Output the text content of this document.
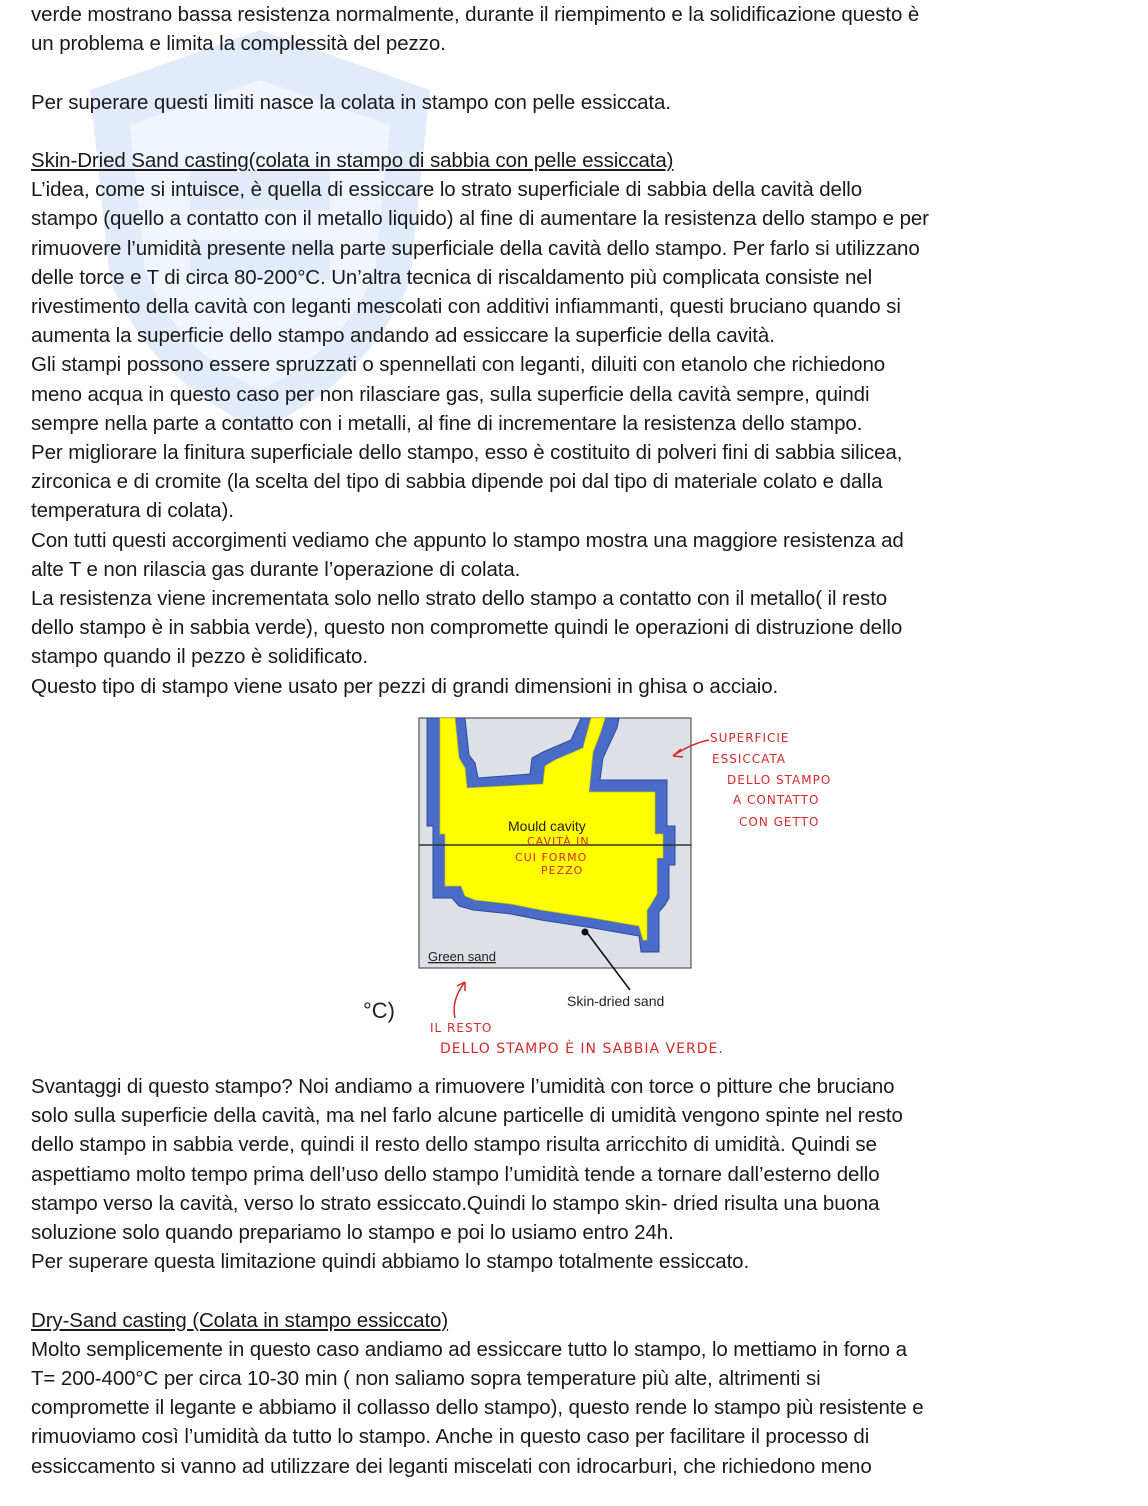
verde mostrano bassa resistenza normalmente, durante il riempimento e la solidificazione questo è

un problema e limita la complessità del pezzo.

Per superare questi limiti nasce la colata in stampo con pelle essiccata.

Skin-Dried Sand casting(colata in stampo di sabbia con pelle essiccata)

L’idea, come si intuisce, è quella di essiccare lo strato superficiale di sabbia della cavità dello

stampo (quello a contatto con il metallo liquido) al fine di aumentare la resistenza dello stampo e per

rimuovere l’umidità presente nella parte superficiale della cavità dello stampo. Per farlo si utilizzano

delle torce e T di circa 80-200°C. Un’altra tecnica di riscaldamento più complicata consiste nel

rivestimento della cavità con leganti mescolati con additivi infiammanti, questi bruciano quando si

aumenta la superficie dello stampo andando ad essiccare la superficie della cavità.

Gli stampi possono essere spruzzati o spennellati con leganti, diluiti con etanolo che richiedono

meno acqua in questo caso per non rilasciare gas, sulla superficie della cavità sempre, quindi

sempre nella parte a contatto con i metalli, al fine di incrementare la resistenza dello stampo.

Per migliorare la finitura superficiale dello stampo, esso è costituito di polveri fini di sabbia silicea,

zirconica e di cromite (la scelta del tipo di sabbia dipende poi dal tipo di materiale colato e dalla

temperatura di colata).

Con tutti questi accorgimenti vediamo che appunto lo stampo mostra una maggiore resistenza ad

alte T e non rilascia gas durante l’operazione di colata.

La resistenza viene incrementata solo nello strato dello stampo a contatto con il metallo( il resto

dello stampo è in sabbia verde), questo non compromette quindi le operazioni di distruzione dello

stampo quando il pezzo è solidificato.

Questo tipo di stampo viene usato per pezzi di grandi dimensioni in ghisa o acciaio.

Mould cavity
Green sand
Skin-dried sand
°C)
SUPERFICIE
ESSICCATA
DELLO STAMPO
A CONTATTO
CON GETTO
CAVITÀ IN
CUI FORMO
PEZZO
IL RESTO
DELLO STAMPO È IN SABBIA VERDE.

Svantaggi di questo stampo? Noi andiamo a rimuovere l’umidità con torce o pitture che bruciano

solo sulla superficie della cavità, ma nel farlo alcune particelle di umidità vengono spinte nel resto

dello stampo in sabbia verde, quindi il resto dello stampo risulta arricchito di umidità. Quindi se

aspettiamo molto tempo prima dell’uso dello stampo l’umidità tende a tornare dall’esterno dello

stampo verso la cavità, verso lo strato essiccato.Quindi lo stampo skin- dried risulta una buona

soluzione solo quando prepariamo lo stampo e poi lo usiamo entro 24h.

Per superare questa limitazione quindi abbiamo lo stampo totalmente essiccato.

Dry-Sand casting (Colata in stampo essiccato)

Molto semplicemente in questo caso andiamo ad essiccare tutto lo stampo, lo mettiamo in forno a

T= 200-400°C per circa 10-30 min ( non saliamo sopra temperature più alte, altrimenti si

compromette il legante e abbiamo il collasso dello stampo), questo rende lo stampo più resistente e

rimuoviamo così l’umidità da tutto lo stampo. Anche in questo caso per facilitare il processo di

essiccamento si vanno ad utilizzare dei leganti miscelati con idrocarburi, che richiedono meno
